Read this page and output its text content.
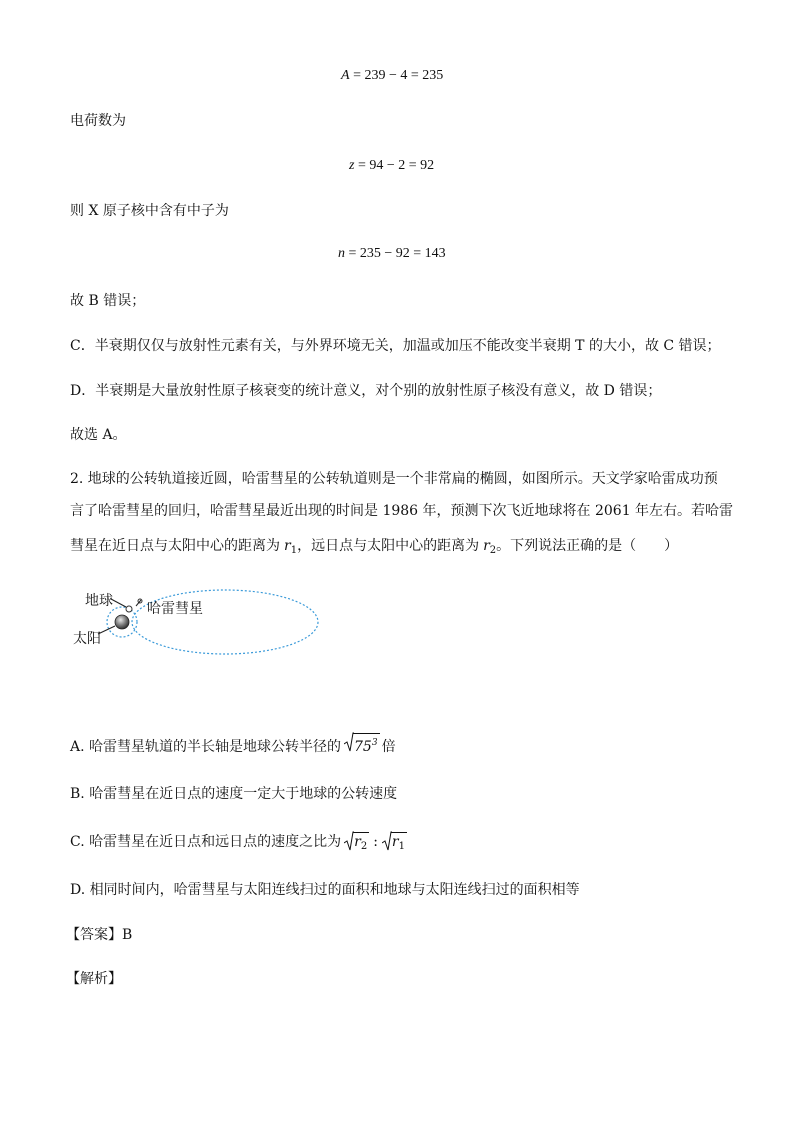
A = 239 − 4 = 235
电荷数为
z = 94 − 2 = 92
则 X 原子核中含有中子为
n = 235 − 92 = 143
故 B 错误；
C．半衰期仅仅与放射性元素有关，与外界环境无关，加温或加压不能改变半衰期 T 的大小，故 C 错误；
D．半衰期是大量放射性原子核衰变的统计意义，对个别的放射性原子核没有意义，故 D 错误；
故选 A。
2. 地球的公转轨道接近圆，哈雷彗星的公转轨道则是一个非常扁的椭圆，如图所示。天文学家哈雷成功预
言了哈雷彗星的回归，哈雷彗星最近出现的时间是 1986 年，预测下次飞近地球将在 2061 年左右。若哈雷
彗星在近日点与太阳中心的距离为 $r_1$，远日点与太阳中心的距离为 $r_2$。下列说法正确的是（　　）
地球 哈雷彗星
太阳
A. 哈雷彗星轨道的半长轴是地球公转半径的 $75^3$ 倍
B. 哈雷彗星在近日点的速度一定大于地球的公转速度
C. 哈雷彗星在近日点和远日点的速度之比为 $r_2$ : $r_1$
D. 相同时间内，哈雷彗星与太阳连线扫过的面积和地球与太阳连线扫过的面积相等
【答案】B
【解析】
